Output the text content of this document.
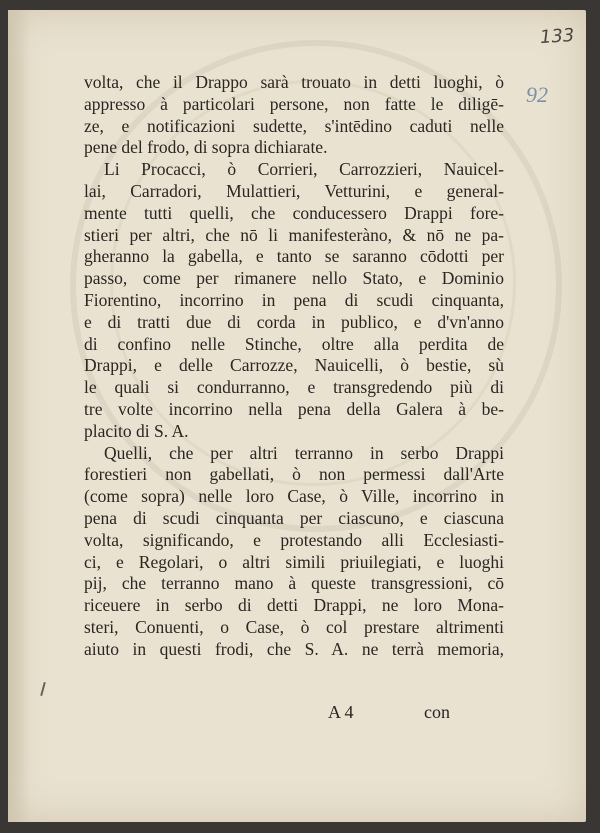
133
92
volta, che il Drappo sarà trouato in detti luoghi, ò
appresso à particolari persone, non fatte le diligē-
ze, e notificazioni sudette, s'intēdino caduti nelle
pene del frodo, di sopra dichiarate.
Li Procacci, ò Corrieri, Carrozzieri, Nauicel-
lai, Carradori, Mulattieri, Vetturini, e general-
mente tutti quelli, che conducessero Drappi fore-
stieri per altri, che nō li manifesteràno, & nō ne pa-
gheranno la gabella, e tanto se saranno cōdotti per
passo, come per rimanere nello Stato, e Dominio
Fiorentino, incorrino in pena di scudi cinquanta,
e di tratti due di corda in publico, e d'vn'anno
di confino nelle Stinche, oltre alla perdita de
Drappi, e delle Carrozze, Nauicelli, ò bestie, sù
le quali si condurranno, e transgredendo più di
tre volte incorrino nella pena della Galera à be-
placito di S. A.
Quelli, che per altri terranno in serbo Drappi
forestieri non gabellati, ò non permessi dall'Arte
(come sopra) nelle loro Case, ò Ville, incorrino in
pena di scudi cinquanta per ciascuno, e ciascuna
volta, significando, e protestando alli Ecclesiasti-
ci, e Regolari, o altri simili priuilegiati, e luoghi
pij, che terranno mano à queste transgressioni, cō
riceuere in serbo di detti Drappi, ne loro Mona-
steri, Conuenti, o Case, ò col prestare altrimenti
aiuto in questi frodi, che S. A. ne terrà memoria,
A 4	con
